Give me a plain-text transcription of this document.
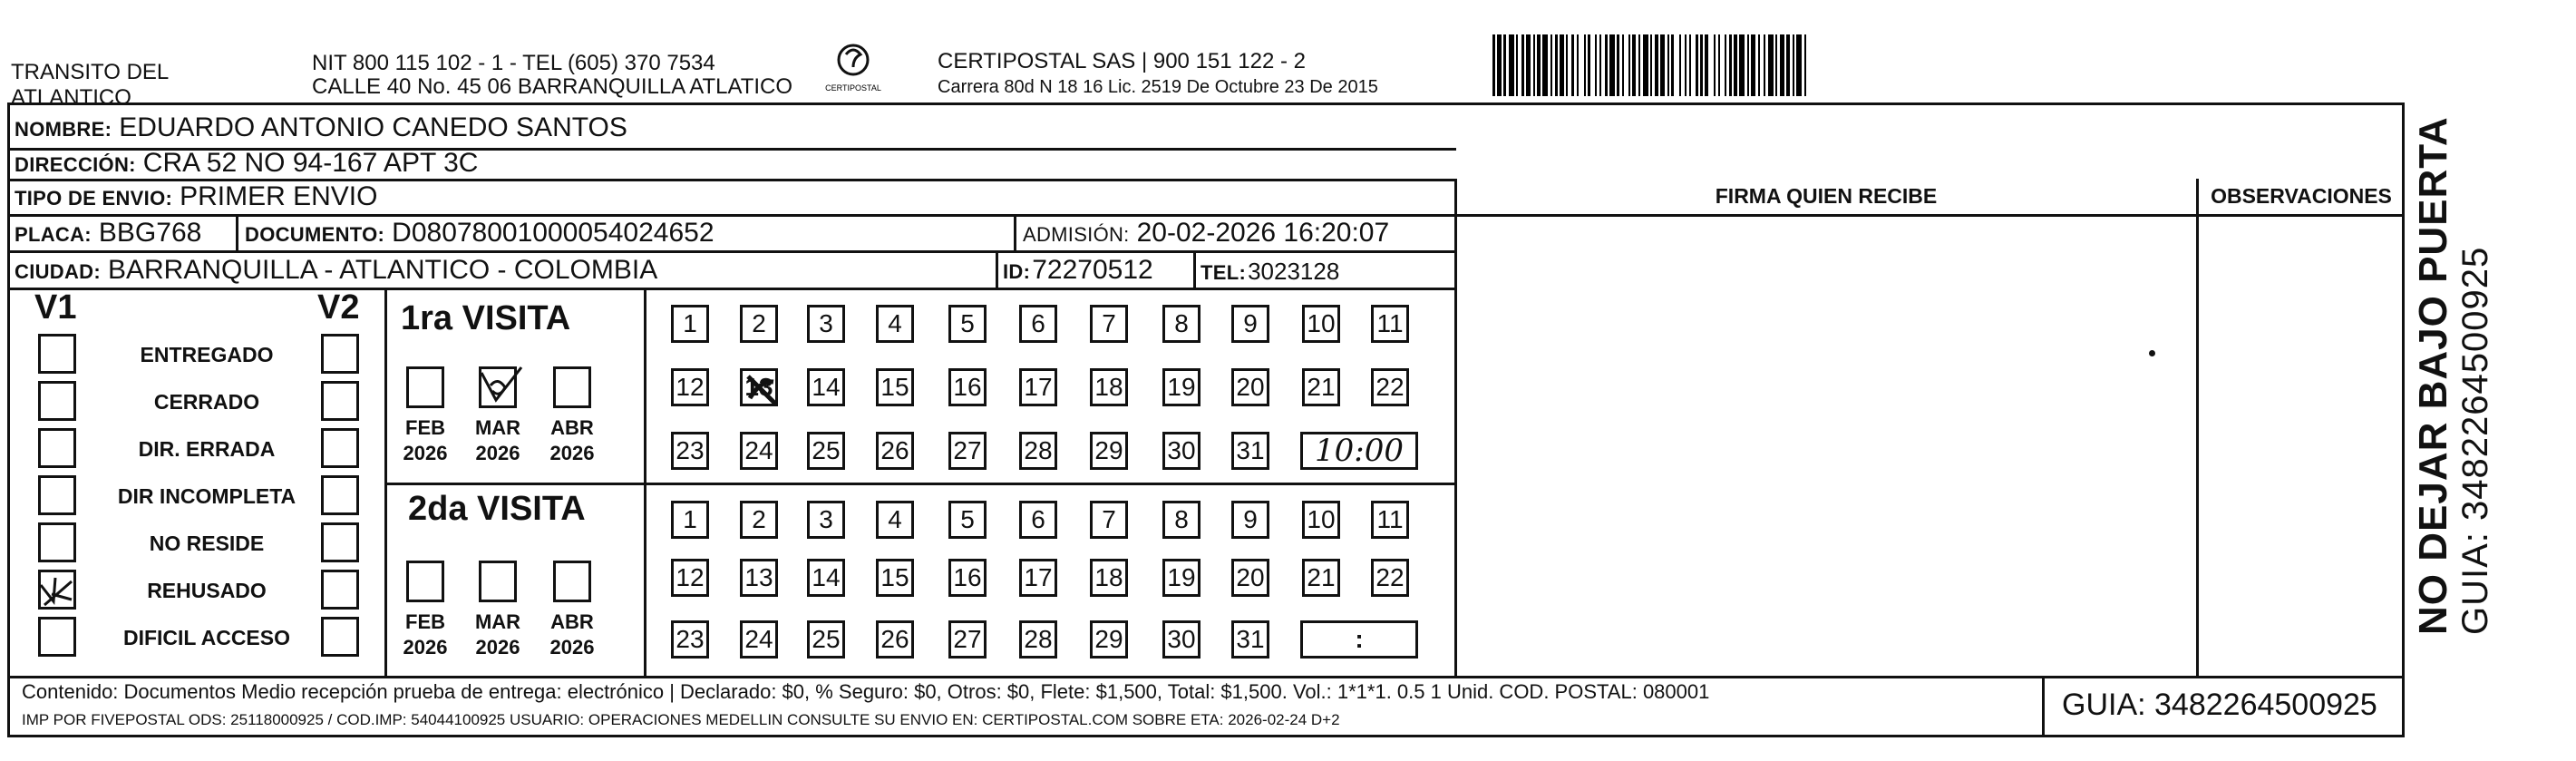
TRANSITO DEL
ATLANTICO
NIT 800 115 102 - 1 - TEL (605) 370 7534
CALLE 40 No. 45 06 BARRANQUILLA ATLATICO	CERTIPOSTAL
CERTIPOSTAL SAS | 900 151 122 - 2
Carrera 80d N 18 16 Lic. 2519 De Octubre 23 De 2015
NOMBRE: EDUARDO ANTONIO CANEDO SANTOS
DIRECCIÓN: CRA 52 NO 94-167 APT 3C
TIPO DE ENVIO: PRIMER ENVIO	FIRMA QUIEN RECIBE	OBSERVACIONES
PLACA: BBG768 DOCUMENTO: D08078001000054024652	ADMISIÓN: 20-02-2026 16:20:07
CIUDAD: BARRANQUILLA - ATLANTICO - COLOMBIA	ID: 72270512 TEL: 3023128
V1	V2
ENTREGADO
CERRADO
DIR. ERRADA
DIR INCOMPLETA
NO RESIDE
REHUSADO
DIFICIL ACCESO
1ra VISITA
2da VISITA
FEB
2026
MAR
2026
ABR
2026
FEB
2026
MAR
2026
ABR
2026
1	2	3	4	5	6	7	8	9	10 11
12 13 14 15 16 17 18 19 20 21 22
23 24 25 26 27 28 29 30 31 10:00
1	2	3	4	5	6	7	8	9	10 11
12 13 14 15 16 17 18 19 20 21 22
23 24 25 26 27 28 29 30 31	:
Contenido: Documentos Medio recepción prueba de entrega: electrónico | Declarado: $0, % Seguro: $0, Otros: $0, Flete: $1,500, Total: $1,500. Vol.: 1*1*1. 0.5 1 Unid. COD. POSTAL: 080001
IMP POR FIVEPOSTAL ODS: 25118000925 / COD.IMP: 54044100925 USUARIO: OPERACIONES MEDELLIN CONSULTE SU ENVIO EN: CERTIPOSTAL.COM SOBRE ETA: 2026-02-24 D+2	GUIA: 3482264500925
NO DEJAR BAJO PUERTA GUIA: 3482264500925
